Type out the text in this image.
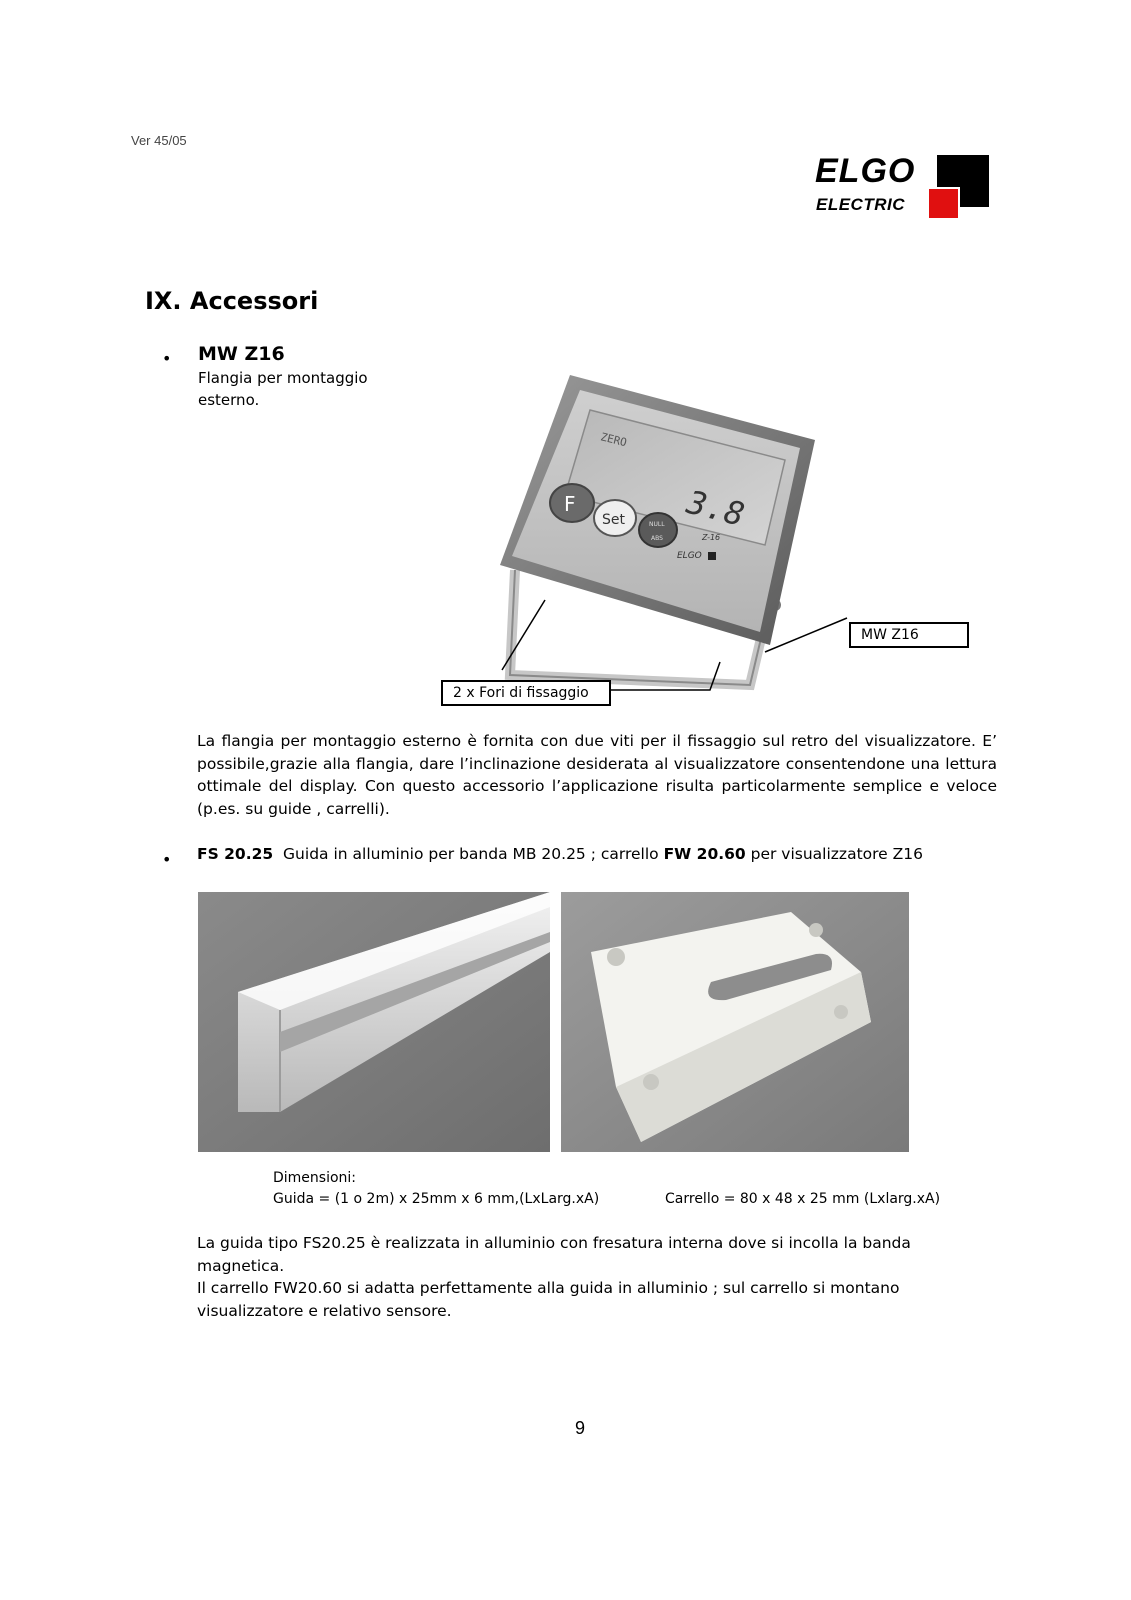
Ver 45/05
ELGO
ELECTRIC
IX. Accessori
• MW Z16
Flangia per montaggio
esterno.
ZERO
3.8
F
Set	NULL
ABS	Z-16
ELGO
MW Z16
2 x Fori di fissaggio
La flangia per montaggio esterno è fornita con due viti per il fissaggio sul retro del visualizzatore. E’ possibile,grazie alla flangia, dare l’inclinazione desiderata al visualizzatore consentendone una lettura ottimale del display. Con questo accessorio l’applicazione risulta particolarmente semplice e veloce (p.es. su guide , carrelli).
• FS 20.25 Guida in alluminio per banda MB 20.25 ; carrello FW 20.60 per visualizzatore Z16
Dimensioni:
Guida = (1 o 2m) x 25mm x 6 mm,(LxLarg.xA)	Carrello = 80 x 48 x 25 mm (Lxlarg.xA)
La guida tipo FS20.25 è realizzata in alluminio con fresatura interna dove si incolla la banda
magnetica.
Il carrello FW20.60 si adatta perfettamente alla guida in alluminio ; sul carrello si montano
visualizzatore e relativo sensore.
9
